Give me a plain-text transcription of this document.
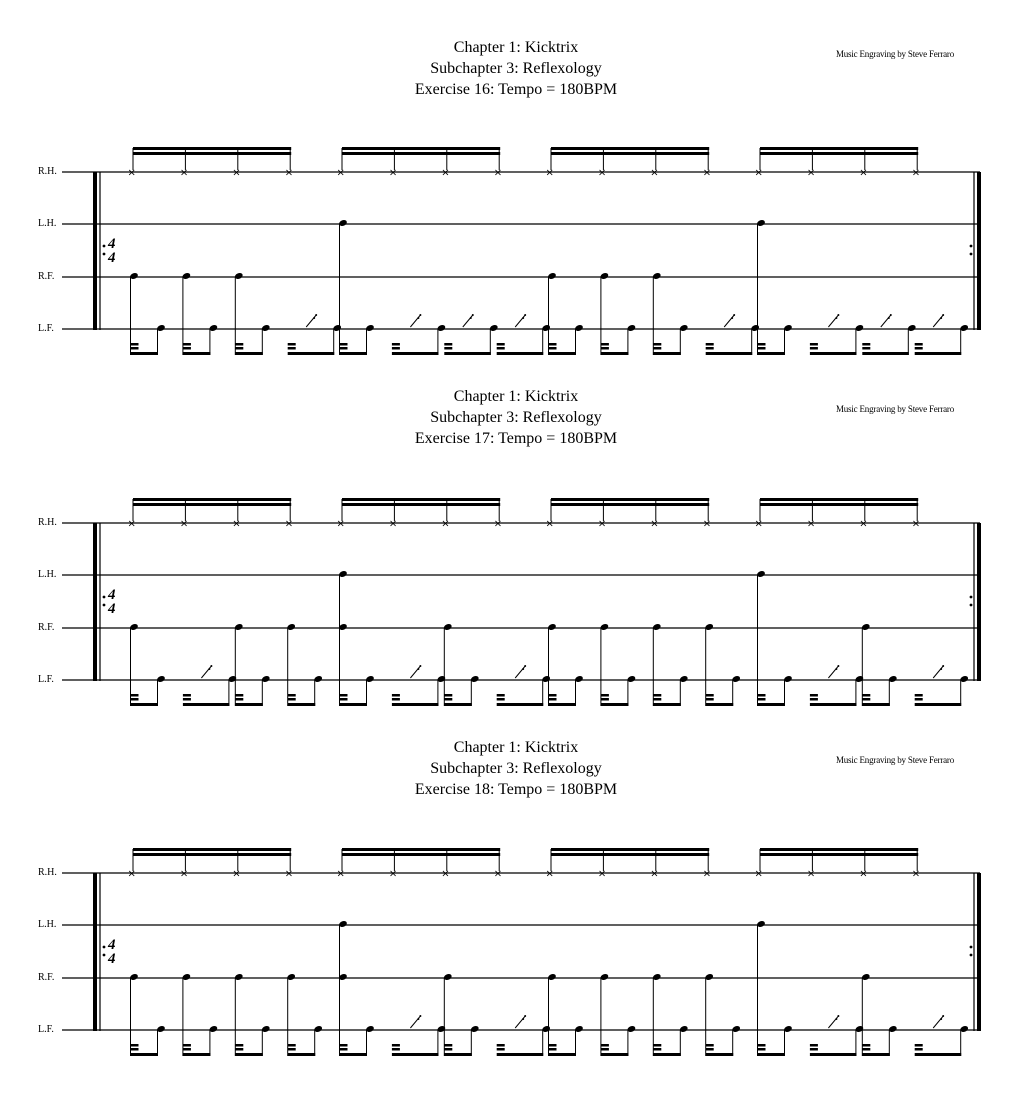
Chapter 1: Kicktrix
Subchapter 3: Reflexology
Exercise 16: Tempo = 180BPM
Music Engraving by Steve Ferraro
R.H.
L.H.
R.F.
L.F.
4
4
×	×	×	×	×	×	×	×	×	×	×	×	×	×	×	×
Chapter 1: Kicktrix
Subchapter 3: Reflexology
Exercise 17: Tempo = 180BPM
Music Engraving by Steve Ferraro
R.H.
L.H.
R.F.
L.F.
4
4
×	×	×	×	×	×	×	×	×	×	×	×	×	×	×	×
Chapter 1: Kicktrix
Subchapter 3: Reflexology
Exercise 18: Tempo = 180BPM
Music Engraving by Steve Ferraro
R.H.
L.H.
R.F.
L.F.
4
4
×	×	×	×	×	×	×	×	×	×	×	×	×	×	×	×
